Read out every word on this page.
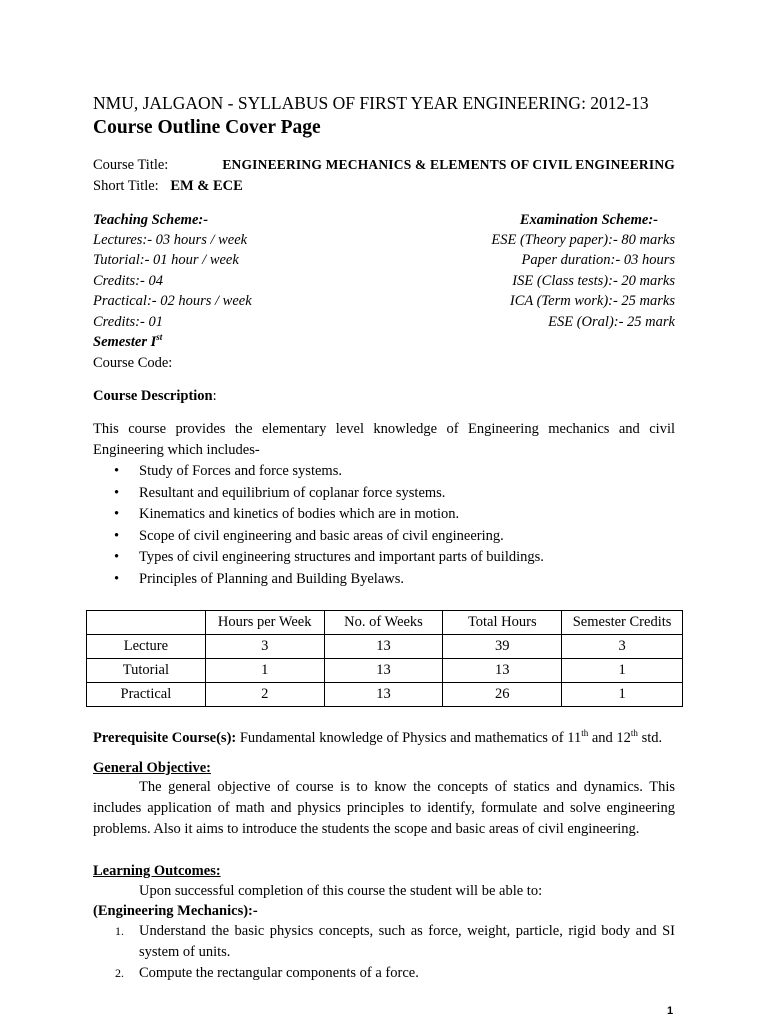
NMU, JALGAON - SYLLABUS OF FIRST YEAR ENGINEERING: 2012-13
Course Outline Cover Page
Course Title:	ENGINEERING MECHANICS & ELEMENTS OF CIVIL ENGINEERING
Short Title: EM & ECE
Teaching Scheme:-
Lectures:- 03 hours / week
Tutorial:- 01 hour / week
Credits:- 04
Practical:- 02 hours / week
Credits:- 01
Semester Ist
Course Code:
Examination Scheme:-
ESE (Theory paper):- 80 marks
Paper duration:- 03 hours
ISE (Class tests):- 20 marks
ICA (Term work):- 25 marks
ESE (Oral):- 25 mark
Course Description:
This course provides the elementary level knowledge of Engineering mechanics and civil Engineering which includes-
• Study of Forces and force systems.
• Resultant and equilibrium of coplanar force systems.
• Kinematics and kinetics of bodies which are in motion.
• Scope of civil engineering and basic areas of civil engineering.
• Types of civil engineering structures and important parts of buildings.
• Principles of Planning and Building Byelaws.
	Hours per Week	No. of Weeks	Total Hours	Semester Credits
Lecture	3	13	39	3
Tutorial	1	13	13	1
Practical	2	13	26	1
Prerequisite Course(s): Fundamental knowledge of Physics and mathematics of 11th and 12th std.
General Objective:
The general objective of course is to know the concepts of statics and dynamics. This includes application of math and physics principles to identify, formulate and solve engineering problems. Also it aims to introduce the students the scope and basic areas of civil engineering.
Learning Outcomes:
Upon successful completion of this course the student will be able to:
(Engineering Mechanics):-
1. Understand the basic physics concepts, such as force, weight, particle, rigid body and SI system of units.
2. Compute the rectangular components of a force.
1
